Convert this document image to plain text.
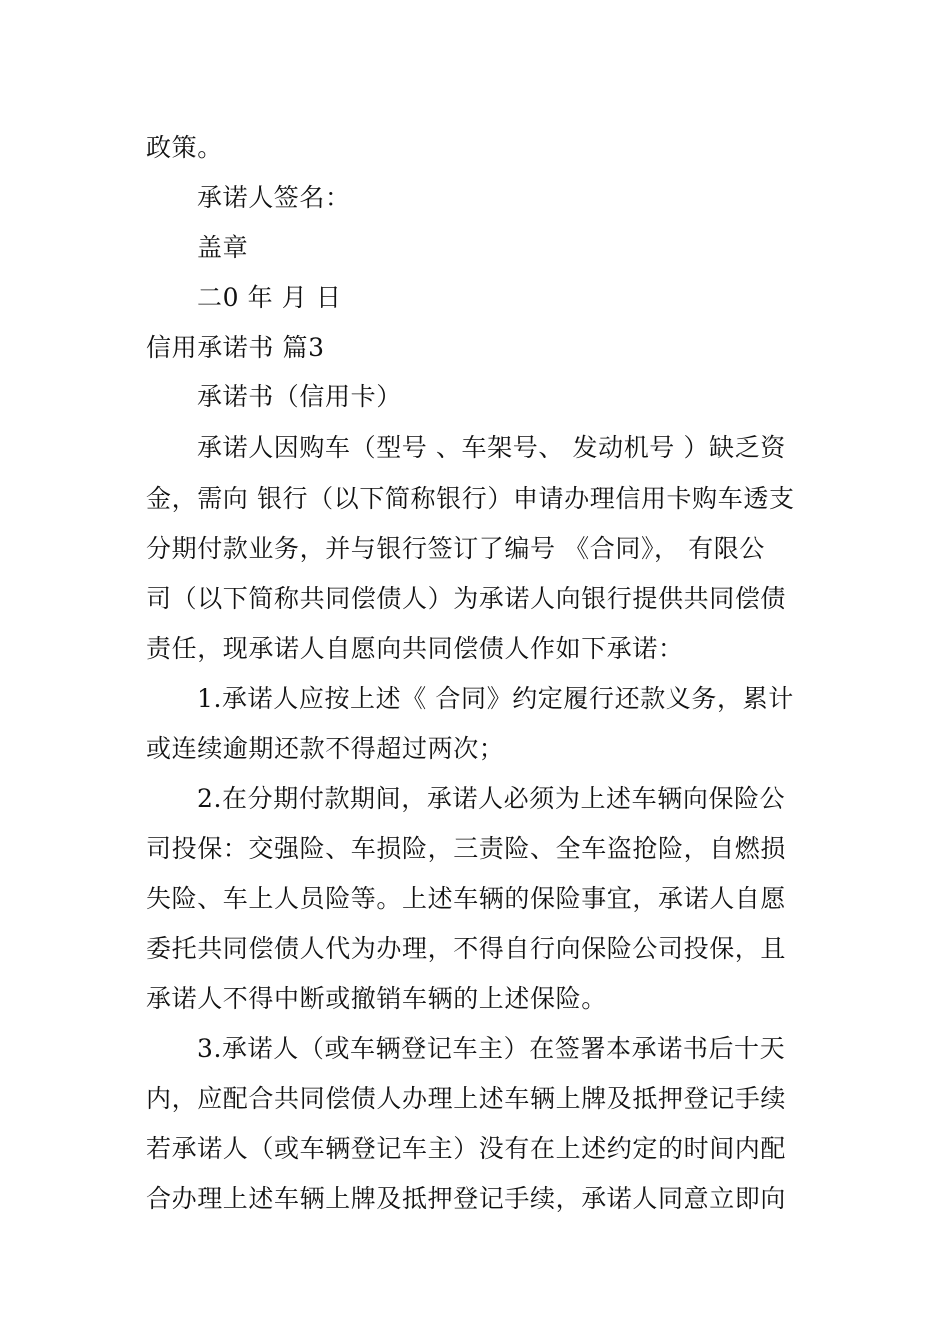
政策。
承诺人签名：
盖章
二0 年 月 日
信用承诺书 篇3
承诺书（信用卡）
承诺人因购车（型号 、车架号、 发动机号 ）缺乏资
金，需向 银行（以下简称银行）申请办理信用卡购车透支
分期付款业务，并与银行签订了编号 《合同》， 有限公
司（以下简称共同偿债人）为承诺人向银行提供共同偿债
责任，现承诺人自愿向共同偿债人作如下承诺：
1.承诺人应按上述《 合同》约定履行还款义务，累计
或连续逾期还款不得超过两次；
2.在分期付款期间，承诺人必须为上述车辆向保险公
司投保：交强险、车损险，三责险、全车盗抢险，自燃损
失险、车上人员险等。上述车辆的保险事宜，承诺人自愿
委托共同偿债人代为办理，不得自行向保险公司投保，且
承诺人不得中断或撤销车辆的上述保险。
3.承诺人（或车辆登记车主）在签署本承诺书后十天
内，应配合共同偿债人办理上述车辆上牌及抵押登记手续
若承诺人（或车辆登记车主）没有在上述约定的时间内配
合办理上述车辆上牌及抵押登记手续，承诺人同意立即向
